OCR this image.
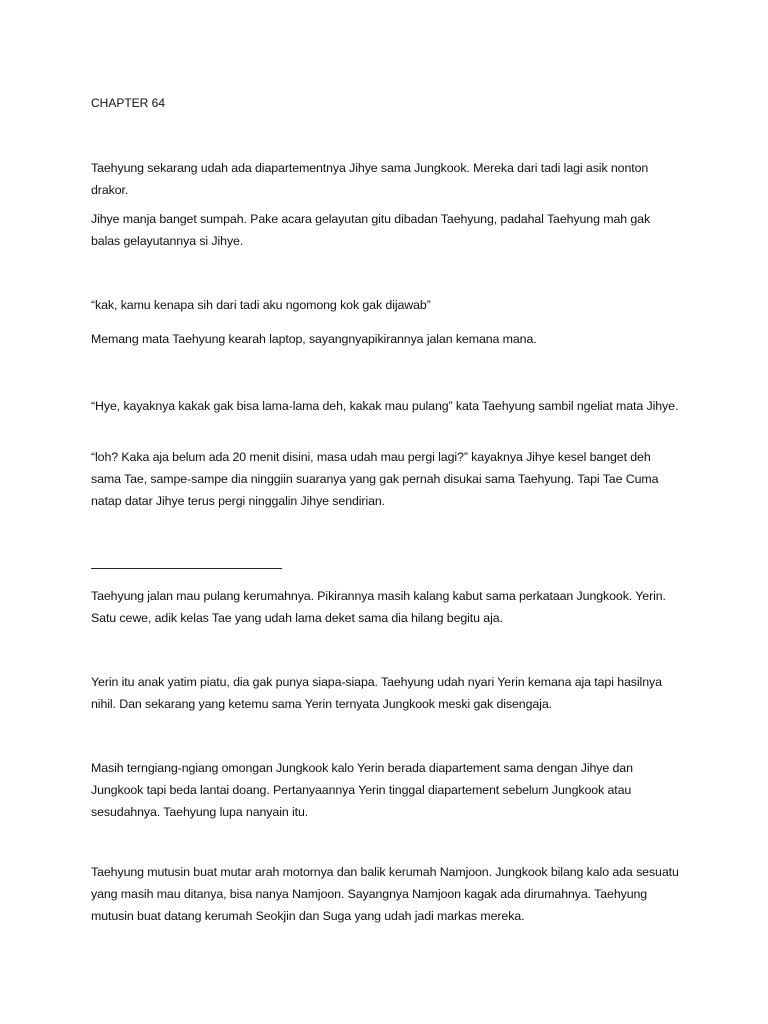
CHAPTER 64

Taehyung sekarang udah ada diapartementnya Jihye sama Jungkook. Mereka dari tadi lagi asik nonton drakor.

Jihye manja banget sumpah. Pake acara gelayutan gitu dibadan Taehyung, padahal Taehyung mah gak balas gelayutannya si Jihye.

“kak, kamu kenapa sih dari tadi aku ngomong kok gak dijawab”

Memang mata Taehyung kearah laptop, sayangnyapikirannya jalan kemana mana.

“Hye, kayaknya kakak gak bisa lama-lama deh, kakak mau pulang” kata Taehyung sambil ngeliat mata Jihye.

“loh? Kaka aja belum ada 20 menit disini, masa udah mau pergi lagi?” kayaknya Jihye kesel banget deh sama Tae, sampe-sampe dia ninggiin suaranya yang gak pernah disukai sama Taehyung. Tapi Tae Cuma natap datar Jihye terus pergi ninggalin Jihye sendirian.

Taehyung jalan mau pulang kerumahnya. Pikirannya masih kalang kabut sama perkataan Jungkook. Yerin. Satu cewe, adik kelas Tae yang udah lama deket sama dia hilang begitu aja.

Yerin itu anak yatim piatu, dia gak punya siapa-siapa. Taehyung udah nyari Yerin kemana aja tapi hasilnya nihil. Dan sekarang yang ketemu sama Yerin ternyata Jungkook meski gak disengaja.

Masih terngiang-ngiang omongan Jungkook kalo Yerin berada diapartement sama dengan Jihye dan Jungkook tapi beda lantai doang. Pertanyaannya Yerin tinggal diapartement sebelum Jungkook atau sesudahnya. Taehyung lupa nanyain itu.

Taehyung mutusin buat mutar arah motornya dan balik kerumah Namjoon. Jungkook bilang kalo ada sesuatu yang masih mau ditanya, bisa nanya Namjoon. Sayangnya Namjoon kagak ada dirumahnya. Taehyung mutusin buat datang kerumah Seokjin dan Suga yang udah jadi markas mereka.
